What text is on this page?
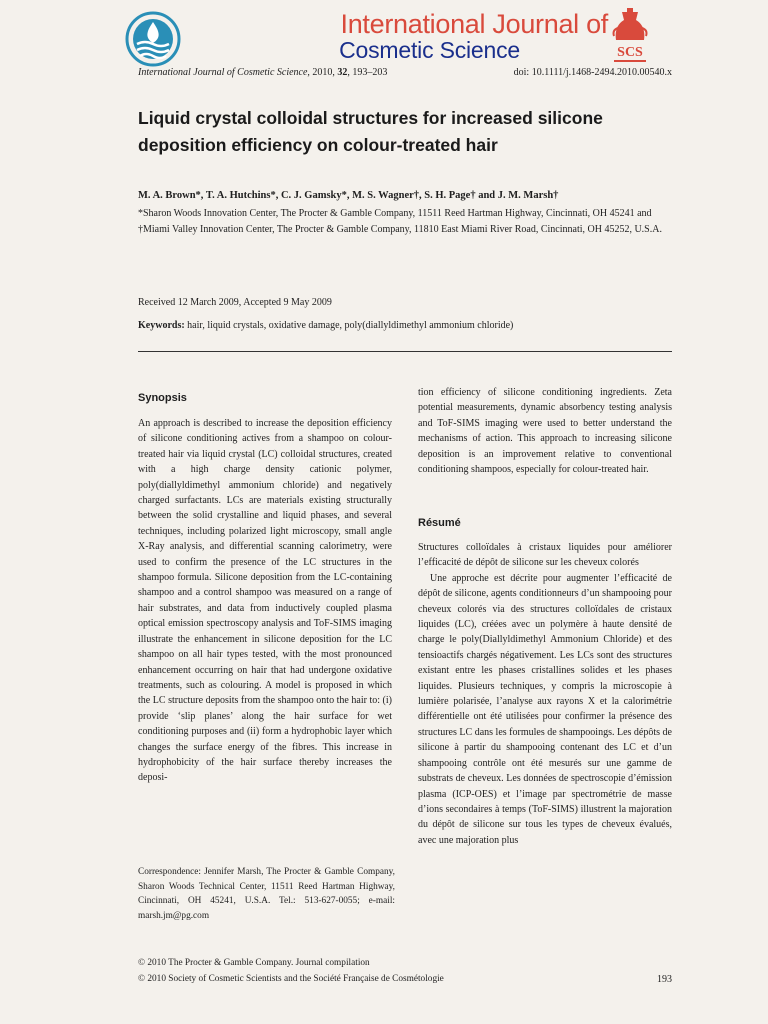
International Journal of
Cosmetic Science	SCS
International Journal of Cosmetic Science, 2010, 32, 193–203	doi: 10.1111/j.1468-2494.2010.00540.x
Liquid crystal colloidal structures for increased silicone deposition efficiency on colour-treated hair
M. A. Brown*, T. A. Hutchins*, C. J. Gamsky*, M. S. Wagner†, S. H. Page† and J. M. Marsh†
*Sharon Woods Innovation Center, The Procter & Gamble Company, 11511 Reed Hartman Highway, Cincinnati, OH 45241 and †Miami Valley Innovation Center, The Procter & Gamble Company, 11810 East Miami River Road, Cincinnati, OH 45252, U.S.A.
Received 12 March 2009, Accepted 9 May 2009
Keywords: hair, liquid crystals, oxidative damage, poly(diallyldimethyl ammonium chloride)
Synopsis

An approach is described to increase the deposition efficiency of silicone conditioning actives from a shampoo on colour-treated hair via liquid crystal (LC) colloidal structures, created with a high charge density cationic polymer, poly(diallyldimethyl ammonium chloride) and negatively charged surfactants. LCs are materials existing structurally between the solid crystalline and liquid phases, and several techniques, including polarized light microscopy, small angle X-Ray analysis, and differential scanning calorimetry, were used to confirm the presence of the LC structures in the shampoo formula. Silicone deposition from the LC-containing shampoo and a control shampoo was measured on a range of hair substrates, and data from inductively coupled plasma optical emission spectroscopy analysis and ToF-SIMS imaging illustrate the enhancement in silicone deposition for the LC shampoo on all hair types tested, with the most pronounced enhancement occurring on hair that had undergone oxidative treatments, such as colouring. A model is proposed in which the LC structure deposits from the shampoo onto the hair to: (i) provide ‘slip planes’ along the hair surface for wet conditioning purposes and (ii) form a hydrophobic layer which changes the surface energy of the fibres. This increase in hydrophobicity of the hair surface thereby increases the deposi-

Correspondence: Jennifer Marsh, The Procter & Gamble Company, Sharon Woods Technical Center, 11511 Reed Hartman Highway, Cincinnati, OH 45241, U.S.A. Tel.: 513-627-0055; e-mail: marsh.jm@pg.com

tion efficiency of silicone conditioning ingredients. Zeta potential measurements, dynamic absorbency testing analysis and ToF-SIMS imaging were used to better understand the mechanisms of action. This approach to increasing silicone deposition is an improvement relative to conventional conditioning shampoos, especially for colour-treated hair.

Résumé

Structures colloïdales à cristaux liquides pour améliorer l’efficacité de dépôt de silicone sur les cheveux colorés

Une approche est décrite pour augmenter l’efficacité de dépôt de silicone, agents conditionneurs d’un shampooing pour cheveux colorés via des structures colloïdales de cristaux liquides (LC), créées avec un polymère à haute densité de charge le poly(Diallyldimethyl Ammonium Chloride) et des tensioactifs chargés négativement. Les LCs sont des structures existant entre les phases cristallines solides et les phases liquides. Plusieurs techniques, y compris la microscopie à lumière polarisée, l’analyse aux rayons X et la calorimétrie différentielle ont été utilisées pour confirmer la présence des structures LC dans les formules de shampooings. Les dépôts de silicone à partir du shampooing contenant des LC et d’un shampooing contrôle ont été mesurés sur une gamme de substrats de cheveux. Les données de spectroscopie d’émission plasma (ICP-OES) et l’image par spectrométrie de masse d’ions secondaires à temps (ToF-SIMS) illustrent la majoration du dépôt de silicone sur tous les types de cheveux évalués, avec une majoration plus

© 2010 The Procter & Gamble Company. Journal compilation
© 2010 Society of Cosmetic Scientists and the Société Française de Cosmétologie	193
